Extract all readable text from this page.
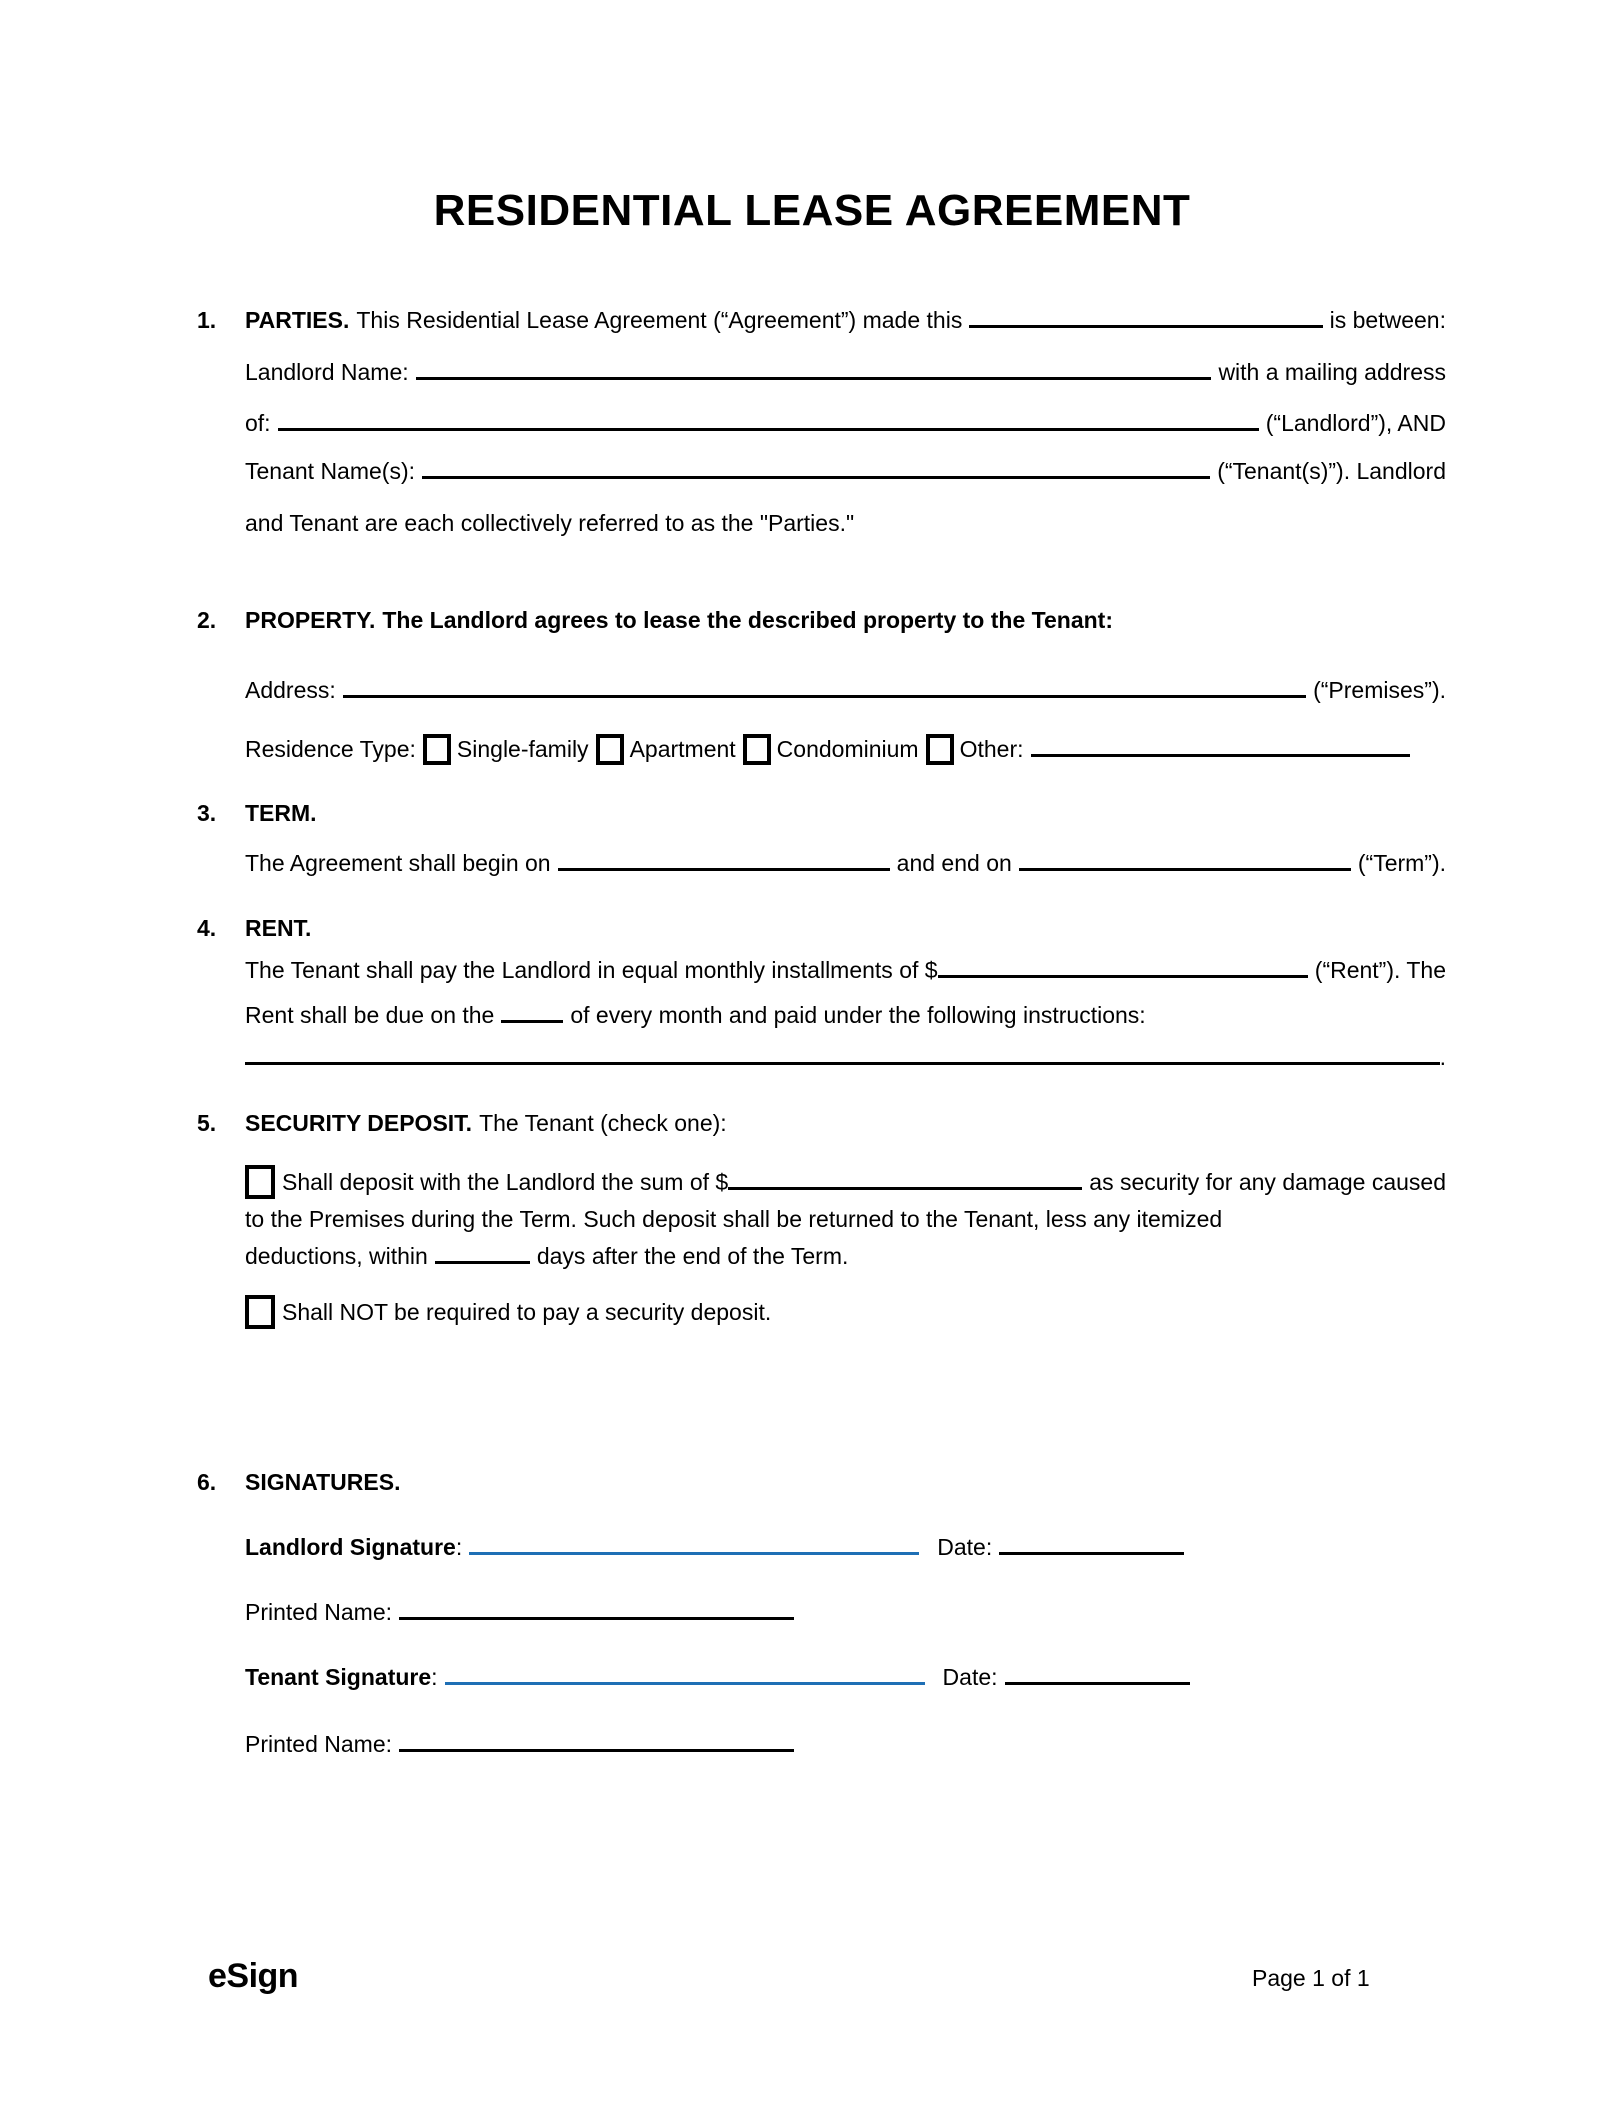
RESIDENTIAL LEASE AGREEMENT
1.	PARTIES. This Residential Lease Agreement (“Agreement”) made this	is between:
Landlord Name:	with a mailing address
of:	(“Landlord”), AND
Tenant Name(s):	(“Tenant(s)”). Landlord
and Tenant are each collectively referred to as the "Parties."
2.	PROPERTY. The Landlord agrees to lease the described property to the Tenant:
Address:	(“Premises”).
Residence Type: Single-family Apartment Condominium Other:
3.	TERM.
The Agreement shall begin on	and end on	(“Term”).
4.	RENT.
The Tenant shall pay the Landlord in equal monthly installments of $	(“Rent”). The
Rent shall be due on the	of every month and paid under the following instructions:
.
5.	SECURITY DEPOSIT. The Tenant (check one):
Shall deposit with the Landlord the sum of $	as security for any damage caused
to the Premises during the Term. Such deposit shall be returned to the Tenant, less any itemized
deductions, within	days after the end of the Term.
Shall NOT be required to pay a security deposit.
6.	SIGNATURES.
Landlord Signature :	Date:
Printed Name:
Tenant Signature :	Date:
Printed Name:
eSign	Page 1 of 1
